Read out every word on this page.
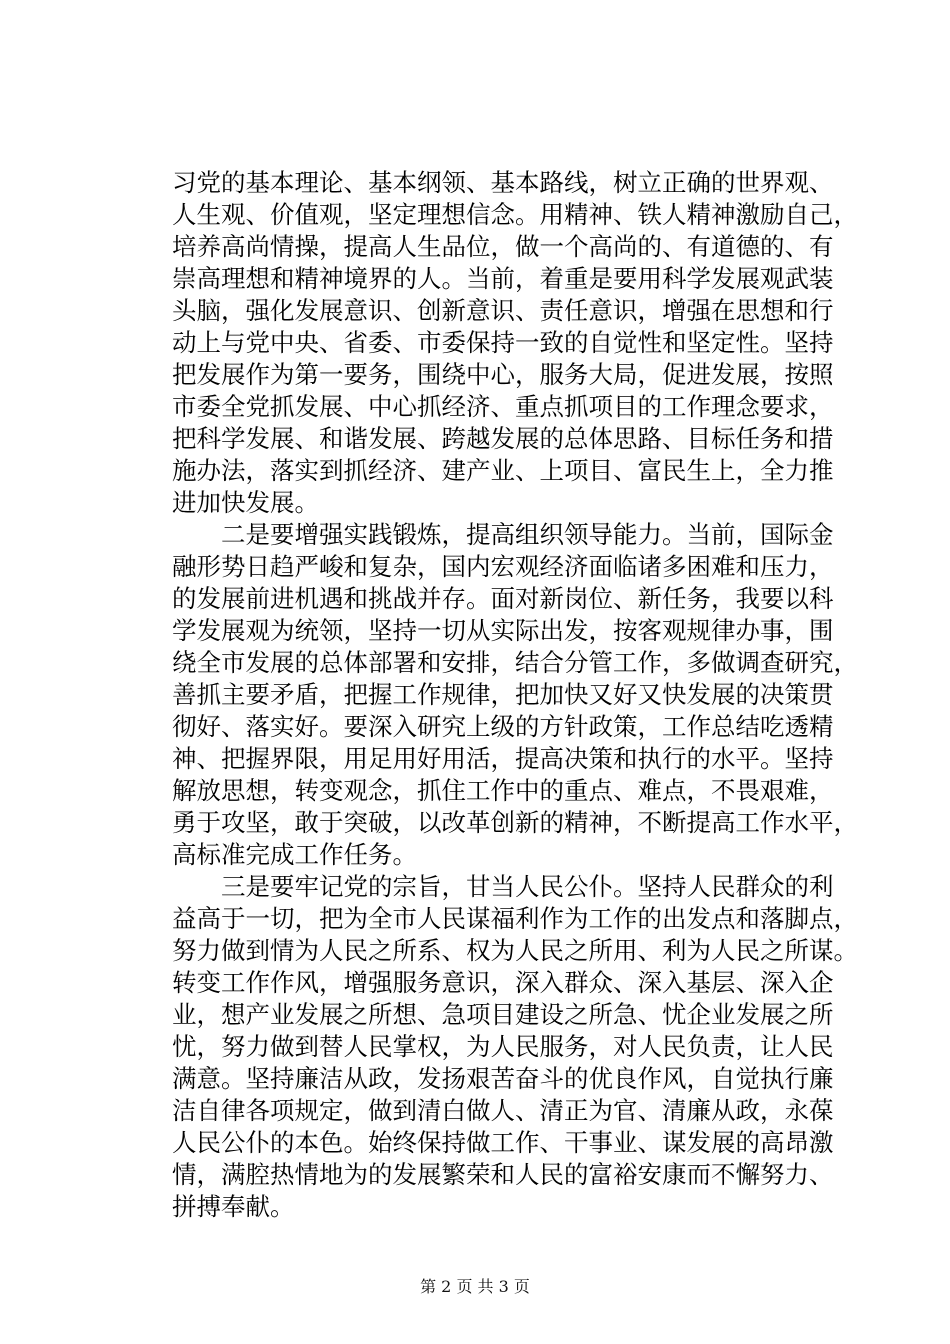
习党的基本理论、基本纲领、基本路线，树立正确的世界观、
人生观、价值观，坚定理想信念。用精神、铁人精神激励自己，
培养高尚情操，提高人生品位，做一个高尚的、有道德的、有
崇高理想和精神境界的人。当前，着重是要用科学发展观武装
头脑，强化发展意识、创新意识、责任意识，增强在思想和行
动上与党中央、省委、市委保持一致的自觉性和坚定性。坚持
把发展作为第一要务，围绕中心，服务大局，促进发展，按照
市委全党抓发展、中心抓经济、重点抓项目的工作理念要求，
把科学发展、和谐发展、跨越发展的总体思路、目标任务和措
施办法，落实到抓经济、建产业、上项目、富民生上，全力推
进加快发展。
　　二是要增强实践锻炼，提高组织领导能力。当前，国际金
融形势日趋严峻和复杂，国内宏观经济面临诸多困难和压力，
的发展前进机遇和挑战并存。面对新岗位、新任务，我要以科
学发展观为统领，坚持一切从实际出发，按客观规律办事，围
绕全市发展的总体部署和安排，结合分管工作，多做调查研究，
善抓主要矛盾，把握工作规律，把加快又好又快发展的决策贯
彻好、落实好。要深入研究上级的方针政策，工作总结吃透精
神、把握界限，用足用好用活，提高决策和执行的水平。坚持
解放思想，转变观念，抓住工作中的重点、难点，不畏艰难，
勇于攻坚，敢于突破，以改革创新的精神，不断提高工作水平，
高标准完成工作任务。
　　三是要牢记党的宗旨，甘当人民公仆。坚持人民群众的利
益高于一切，把为全市人民谋福利作为工作的出发点和落脚点，
努力做到情为人民之所系、权为人民之所用、利为人民之所谋。
转变工作作风，增强服务意识，深入群众、深入基层、深入企
业，想产业发展之所想、急项目建设之所急、忧企业发展之所
忧，努力做到替人民掌权，为人民服务，对人民负责，让人民
满意。坚持廉洁从政，发扬艰苦奋斗的优良作风，自觉执行廉
洁自律各项规定，做到清白做人、清正为官、清廉从政，永葆
人民公仆的本色。始终保持做工作、干事业、谋发展的高昂激
情，满腔热情地为的发展繁荣和人民的富裕安康而不懈努力、
拼搏奉献。
第 2 页 共 3 页
